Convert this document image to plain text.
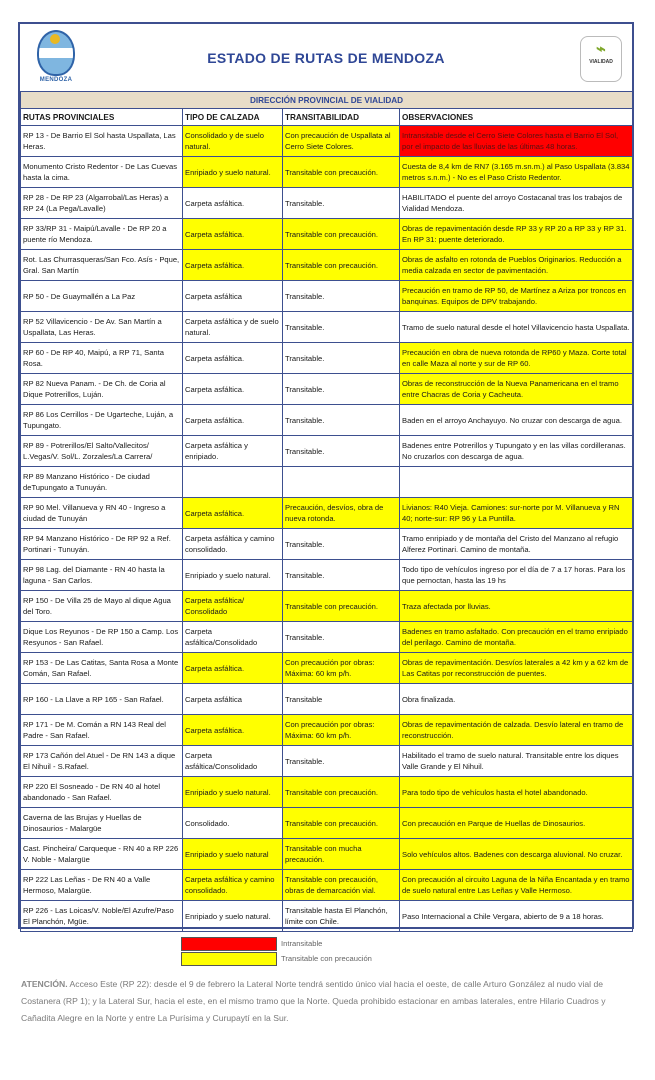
MENDOZA
ESTADO DE RUTAS DE MENDOZA	⌁
VIALIDAD
DIRECCIÓN PROVINCIAL DE VIALIDAD			
RUTAS PROVINCIALES	TIPO DE CALZADA	TRANSITABILIDAD	OBSERVACIONES
RP 13 - De Barrio El Sol hasta Uspallata, Las Heras.	Consolidado y de suelo natural.	Con precaución de Uspallata al Cerro Siete Colores.	Intransitable desde el Cerro Siete Colores hasta el Barrio El Sol, por el impacto de las lluvias de las últimas 48 horas.
Monumento Cristo Redentor - De Las Cuevas hasta la cima.	Enripiado y suelo natural.	Transitable con precaución.	Cuesta de 8,4 km de RN7 (3.165 m.sn.m.) al Paso Uspallata (3.834 metros s.n.m.) - No es el Paso Cristo Redentor.
RP 28 - De RP 23 (Algarrobal/Las Heras) a RP 24 (La Pega/Lavalle)	Carpeta asfáltica.	Transitable.	HABILITADO el puente del arroyo Costacanal tras los trabajos de Vialidad Mendoza.
RP 33/RP 31 - Maipú/Lavalle - De RP 20 a puente río Mendoza.	Carpeta asfáltica.	Transitable con precaución.	Obras de repavimentación desde RP 33 y RP 20 a RP 33 y RP 31. En RP 31: puente deteriorado.
Rot. Las Churrasqueras/San Fco. Asís - Pque, Gral. San Martín	Carpeta asfáltica.	Transitable con precaución.	Obras de asfalto en rotonda de Pueblos Originarios. Reducción a media calzada en sector de pavimentación.
RP 50 - De Guaymallén a La Paz	Carpeta asfáltica	Transitable.	Precaución en tramo de RP 50, de Martínez a Ariza por troncos en banquinas. Equipos de DPV trabajando.
RP 52 Villavicencio - De Av. San Martín a Uspallata, Las Heras.	Carpeta asfáltica y de suelo natural.	Transitable.	Tramo de suelo natural desde el hotel Villavicencio hasta Uspallata.
RP 60 - De RP 40, Maipú, a RP 71, Santa Rosa.	Carpeta asfáltica.	Transitable.	Precaución en obra de nueva rotonda de RP60 y Maza. Corte total en calle Maza al norte y sur de RP 60.
RP 82 Nueva Panam. - De Ch. de Coria al Dique Potrerillos, Luján.	Carpeta asfáltica.	Transitable.	Obras de reconstrucción de la Nueva Panamericana en el tramo entre Chacras de Coria y Cacheuta.
RP 86 Los Cerrillos - De Ugarteche, Luján, a Tupungato.	Carpeta asfáltica.	Transitable.	Baden en el arroyo Anchayuyo. No cruzar con descarga de agua.
RP 89 - Potrerillos/El Salto/Vallecitos/ L.Vegas/V. Sol/L. Zorzales/La Carrera/	Carpeta asfáltica y enripiado.	Transitable.	Badenes entre Potrerillos y Tupungato y en las villas cordilleranas. No cruzarlos con descarga de agua.
RP 89 Manzano Histórico - De ciudad deTupungato a Tunuyán.			
RP 90 Mel. Villanueva y RN 40 - Ingreso a ciudad de Tunuyán	Carpeta asfáltica.	Precaución, desvíos, obra de nueva rotonda.	Livianos: R40 Vieja. Camiones: sur-norte por M. Villanueva y RN 40; norte-sur: RP 96 y La Puntilla.
RP 94 Manzano Histórico - De RP 92 a Ref. Portinari - Tunuyán.	Carpeta asfáltica y camino consolidado.	Transitable.	Tramo enripiado y de montaña del Cristo del Manzano al refugio Alferez Portinari. Camino de montaña.
RP 98 Lag. del Diamante - RN 40 hasta la laguna - San Carlos.	Enripiado y suelo natural.	Transitable.	Todo tipo de vehículos ingreso por el día de 7 a 17 horas. Para los que pernoctan, hasta las 19 hs
RP 150 - De Villa 25 de Mayo al dique Agua del Toro.	Carpeta asfáltica/ Consolidado	Transitable con precaución.	Traza afectada por lluvias.
Dique Los Reyunos - De RP 150 a Camp. Los Resyunos - San Rafael.	Carpeta asfáltica/Consolidado	Transitable.	Badenes en tramo asfaltado. Con precaución en el tramo enripiado del perilago. Camino de montaña.
RP 153 - De Las Catitas, Santa Rosa a Monte Comán, San Rafael.	Carpeta asfáltica.	Con precaución por obras: Máxima: 60 km p/h.	Obras de repavimentación. Desvíos laterales a 42 km y a 62 km de Las Catitas por reconstrucción de puentes.
RP 160 - La Llave a RP 165 - San Rafael.	Carpeta asfáltica	Transitable	Obra finalizada.
RP 171 - De M. Comán a RN 143 Real del Padre - San Rafael.	Carpeta asfáltica.	Con precaución por obras: Máxima: 60 km p/h.	Obras de repavimentación de calzada. Desvío lateral en tramo de reconstrucción.
RP 173 Cañón del Atuel - De RN 143 a dique El Nihuil - S.Rafael.	Carpeta asfáltica/Consolidado	Transitable.	Habilitado el tramo de suelo natural. Transitable entre los diques Valle Grande y El Nihuil.
RP 220 El Sosneado - De RN 40 al hotel abandonado - San Rafael.	Enripiado y suelo natural.	Transitable con precaución.	Para todo tipo de vehículos hasta el hotel abandonado.
Caverna de las Brujas y Huellas de Dinosaurios - Malargüe	Consolidado.	Transitable con precaución.	Con precaución en Parque de Huellas de Dinosaurios.
Cast. Pincheira/ Carqueque - RN 40 a RP 226 V. Noble - Malargüe	Enripiado y suelo natural	Transitable con mucha precaución.	Solo vehículos altos. Badenes con descarga aluvional. No cruzar.
RP 222 Las Leñas - De RN 40 a Valle Hermoso, Malargüe.	Carpeta asfáltica y camino consolidado.	Transitable con precaución, obras de demarcación vial.	Con precaución al circuito Laguna de la Niña Encantada y en tramo de suelo natural entre Las Leñas y Valle Hermoso.
RP 226 - Las Loicas/V. Noble/El Azufre/Paso El Planchón, Mgüe.	Enripiado y suelo natural.	Transitable hasta El Planchón, límite con Chile.	Paso Internacional a Chile Vergara, abierto de 9 a 18 horas.
Intransitable
Transitable con precaución
ATENCIÓN. Acceso Este (RP 22): desde el 9 de febrero la Lateral Norte tendrá sentido único vial hacia el oeste, de calle Arturo González al nudo vial de Costanera (RP 1); y la Lateral Sur, hacia el este, en el mismo tramo que la Norte. Queda prohibido estacionar en ambas laterales, entre Hilario Cuadros y Cañadita Alegre en la Norte y entre La Purísima y Curupaytí en la Sur.
